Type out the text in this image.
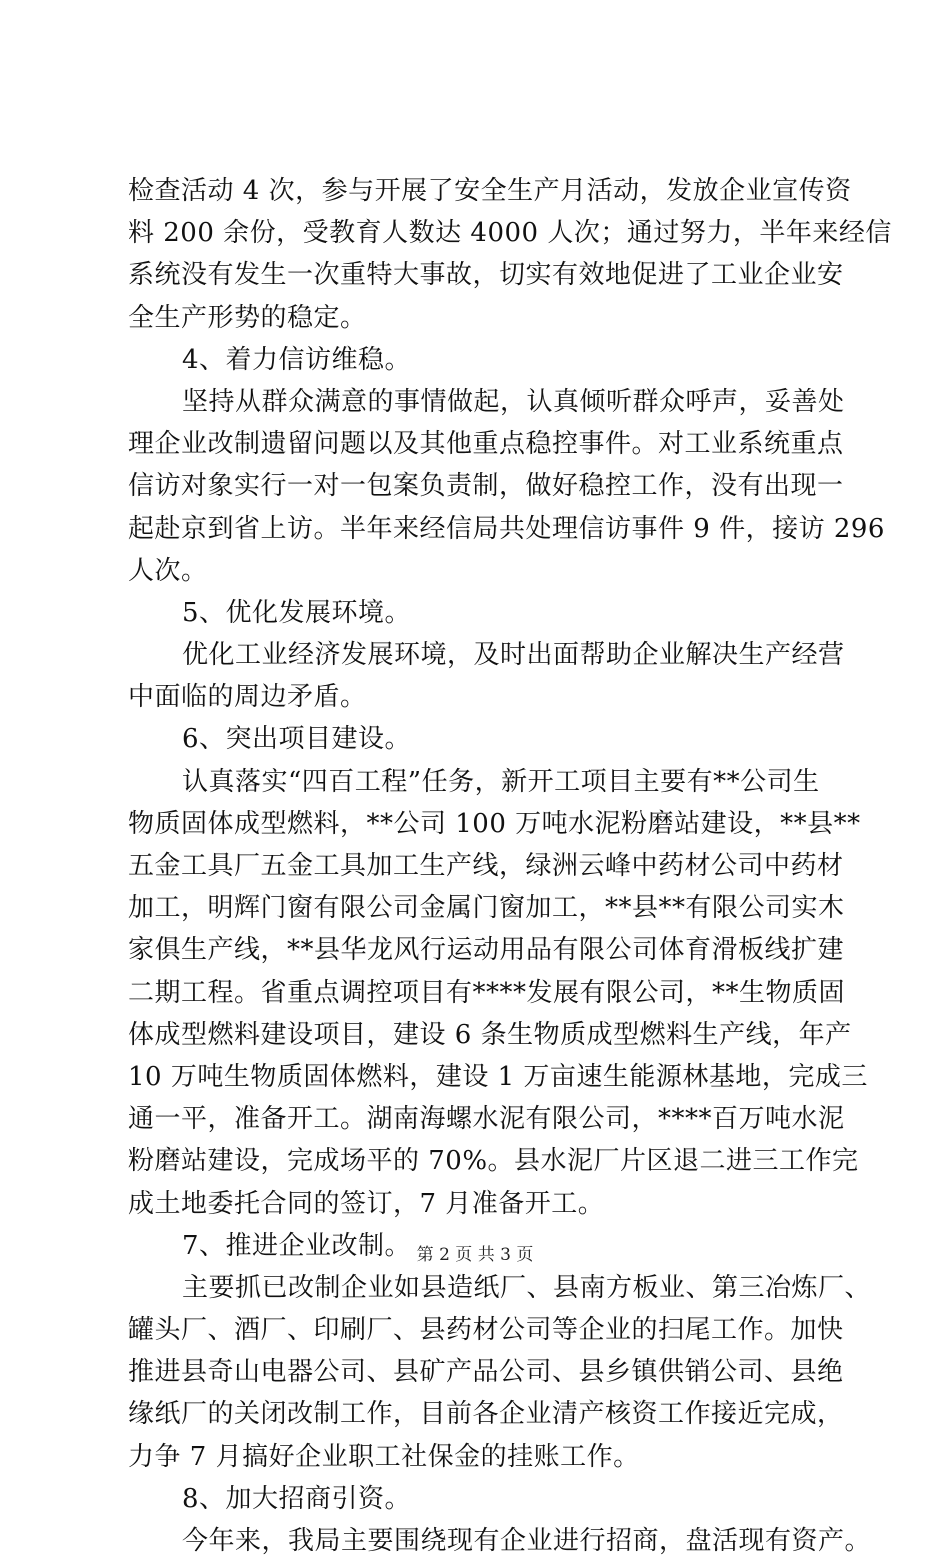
检查活动 4 次，参与开展了安全生产月活动，发放企业宣传资
料 200 余份，受教育人数达 4000 人次；通过努力，半年来经信
系统没有发生一次重特大事故，切实有效地促进了工业企业安
全生产形势的稳定。
4、着力信访维稳。
坚持从群众满意的事情做起，认真倾听群众呼声，妥善处
理企业改制遗留问题以及其他重点稳控事件。对工业系统重点
信访对象实行一对一包案负责制，做好稳控工作，没有出现一
起赴京到省上访。半年来经信局共处理信访事件 9 件，接访 296
人次。
5、优化发展环境。
优化工业经济发展环境，及时出面帮助企业解决生产经营
中面临的周边矛盾。
6、突出项目建设。
认真落实“四百工程”任务，新开工项目主要有**公司生
物质固体成型燃料，**公司 100 万吨水泥粉磨站建设，**县**
五金工具厂五金工具加工生产线，绿洲云峰中药材公司中药材
加工，明辉门窗有限公司金属门窗加工，**县**有限公司实木
家俱生产线，**县华龙风行运动用品有限公司体育滑板线扩建
二期工程。省重点调控项目有****发展有限公司，**生物质固
体成型燃料建设项目，建设 6 条生物质成型燃料生产线，年产
10 万吨生物质固体燃料，建设 1 万亩速生能源林基地，完成三
通一平，准备开工。湖南海螺水泥有限公司，****百万吨水泥
粉磨站建设，完成场平的 70%。县水泥厂片区退二进三工作完
成土地委托合同的签订，7 月准备开工。
7、推进企业改制。
主要抓已改制企业如县造纸厂、县南方板业、第三冶炼厂、
罐头厂、酒厂、印刷厂、县药材公司等企业的扫尾工作。加快
推进县奇山电器公司、县矿产品公司、县乡镇供销公司、县绝
缘纸厂的关闭改制工作，目前各企业清产核资工作接近完成，
力争 7 月搞好企业职工社保金的挂账工作。
8、加大招商引资。
今年来，我局主要围绕现有企业进行招商，盘活现有资产。
第 2 页 共 3 页
